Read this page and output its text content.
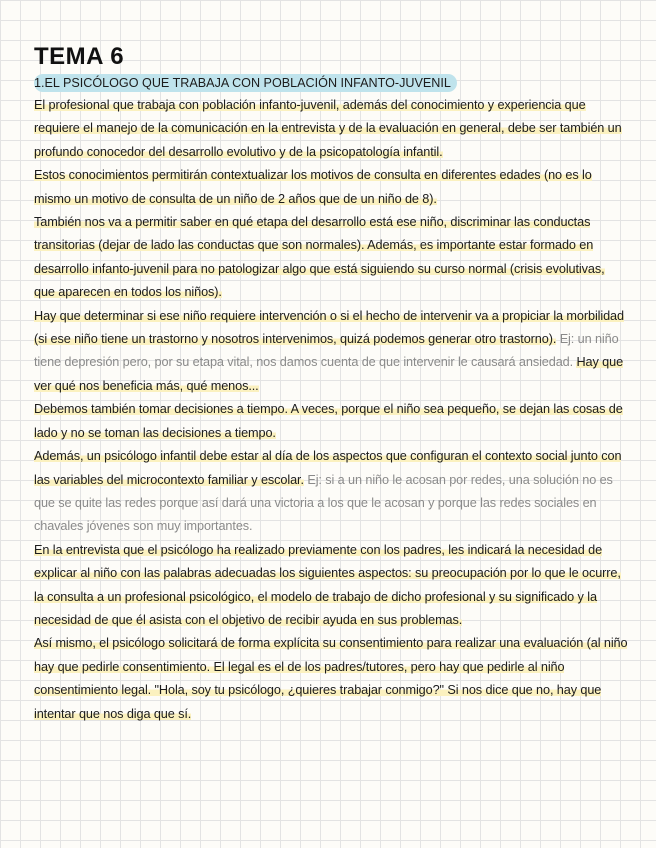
TEMA 6
1.EL PSICÓLOGO QUE TRABAJA CON POBLACIÓN INFANTO-JUVENIL

El profesional que trabaja con población infanto-juvenil, además del conocimiento y experiencia que requiere el manejo de la comunicación en la entrevista y de la evaluación en general, debe ser también un profundo conocedor del desarrollo evolutivo y de la psicopatología infantil.

Estos conocimientos permitirán contextualizar los motivos de consulta en diferentes edades (no es lo mismo un motivo de consulta de un niño de 2 años que de un niño de 8).

También nos va a permitir saber en qué etapa del desarrollo está ese niño, discriminar las conductas transitorias (dejar de lado las conductas que son normales). Además, es importante estar formado en desarrollo infanto-juvenil para no patologizar algo que está siguiendo su curso normal (crisis evolutivas, que aparecen en todos los niños).

Hay que determinar si ese niño requiere intervención o si el hecho de intervenir va a propiciar la morbilidad (si ese niño tiene un trastorno y nosotros intervenimos, quizá podemos generar otro trastorno). Ej: un niño tiene depresión pero, por su etapa vital, nos damos cuenta de que intervenir le causará ansiedad. Hay que ver qué nos beneficia más, qué menos...

Debemos también tomar decisiones a tiempo. A veces, porque el niño sea pequeño, se dejan las cosas de lado y no se toman las decisiones a tiempo.

Además, un psicólogo infantil debe estar al día de los aspectos que configuran el contexto social junto con las variables del microcontexto familiar y escolar. Ej: si a un niño le acosan por redes, una solución no es que se quite las redes porque así dará una victoria a los que le acosan y porque las redes sociales en chavales jóvenes son muy importantes.

En la entrevista que el psicólogo ha realizado previamente con los padres, les indicará la necesidad de explicar al niño con las palabras adecuadas los siguientes aspectos: su preocupación por lo que le ocurre, la consulta a un profesional psicológico, el modelo de trabajo de dicho profesional y su significado y la necesidad de que él asista con el objetivo de recibir ayuda en sus problemas.

Así mismo, el psicólogo solicitará de forma explícita su consentimiento para realizar una evaluación (al niño hay que pedirle consentimiento. El legal es el de los padres/tutores, pero hay que pedirle al niño consentimiento legal. "Hola, soy tu psicólogo, ¿quieres trabajar conmigo?" Si nos dice que no, hay que intentar que nos diga que sí.
